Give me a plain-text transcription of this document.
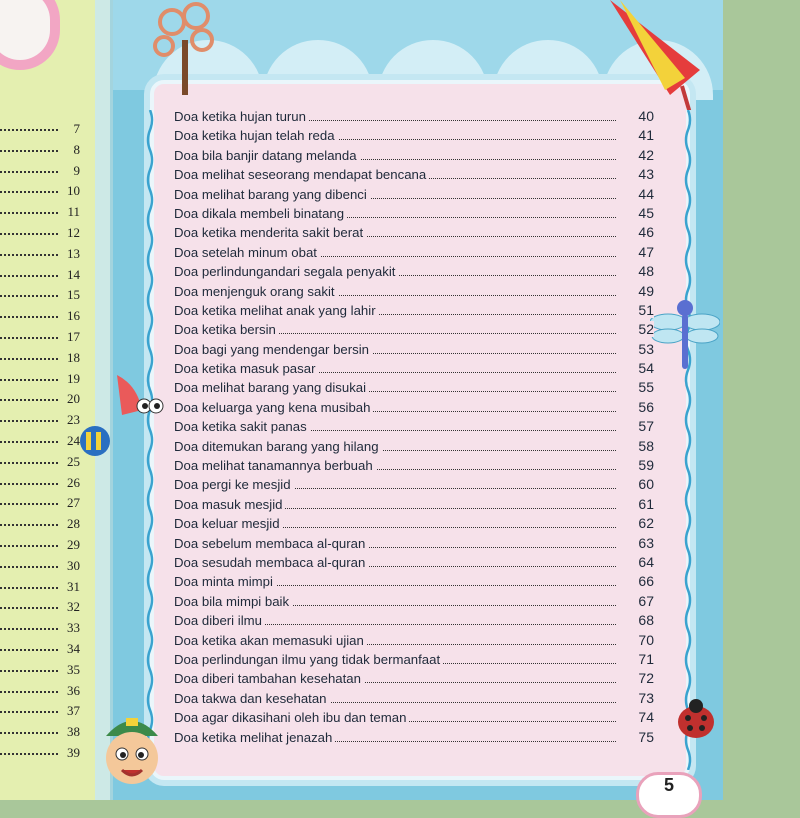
7
8
9
10
11
12
13
14
15
16
17
18
19
20
23
24
25
26
27
28
29
30
31
32
33
34
35
36
37
38
39
Doa ketika hujan turun	40
Doa ketika hujan telah reda	41
Doa bila banjir datang melanda	42
Doa melihat seseorang mendapat bencana	43
Doa melihat barang yang dibenci	44
Doa dikala membeli binatang	45
Doa ketika menderita sakit berat	46
Doa setelah minum obat	47
Doa perlindungandari segala penyakit	48
Doa menjenguk orang sakit	49
Doa ketika melihat anak yang lahir	51
Doa ketika bersin	52
Doa bagi yang mendengar bersin	53
Doa ketika masuk pasar	54
Doa melihat barang yang disukai	55
Doa keluarga yang kena musibah	56
Doa ketika sakit panas	57
Doa ditemukan barang yang hilang	58
Doa melihat tanamannya berbuah	59
Doa pergi ke mesjid	60
Doa masuk mesjid	61
Doa keluar mesjid	62
Doa sebelum membaca al-quran	63
Doa sesudah membaca al-quran	64
Doa minta mimpi	66
Doa bila mimpi baik	67
Doa diberi ilmu	68
Doa ketika akan memasuki ujian	70
Doa perlindungan ilmu yang tidak bermanfaat	71
Doa diberi tambahan kesehatan	72
Doa takwa dan kesehatan	73
Doa agar dikasihani oleh ibu dan teman	74
Doa ketika melihat jenazah	75
5
